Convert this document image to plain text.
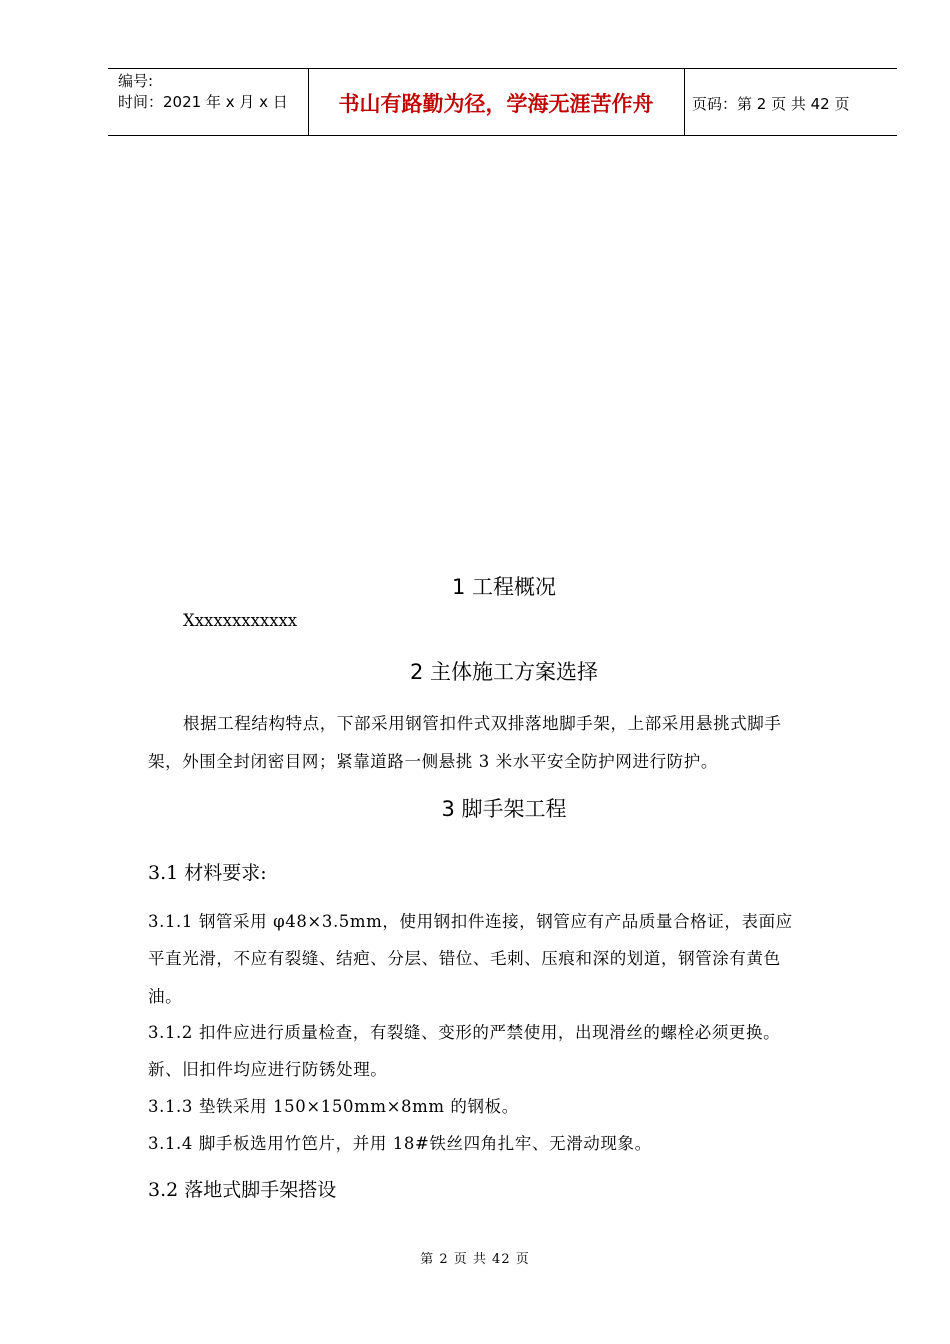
编号:
时间：2021 年 x 月 x 日	书山有路勤为径，学海无涯苦作舟	页码：第 2 页 共 42 页
1 工程概况
Xxxxxxxxxxxx
2 主体施工方案选择
根据工程结构特点，下部采用钢管扣件式双排落地脚手架，上部采用悬挑式脚手
架，外围全封闭密目网；紧靠道路一侧悬挑 3 米水平安全防护网进行防护。
3 脚手架工程
3.1 材料要求:
3.1.1 钢管采用 φ48×3.5mm，使用钢扣件连接，钢管应有产品质量合格证，表面应
平直光滑，不应有裂缝、结疤、分层、错位、毛刺、压痕和深的划道，钢管涂有黄色
油。
3.1.2 扣件应进行质量检查，有裂缝、变形的严禁使用，出现滑丝的螺栓必须更换。
新、旧扣件均应进行防锈处理。
3.1.3 垫铁采用 150×150mm×8mm 的钢板。
3.1.4 脚手板选用竹笆片，并用 18#铁丝四角扎牢、无滑动现象。
3.2 落地式脚手架搭设
第 2 页 共 42 页
